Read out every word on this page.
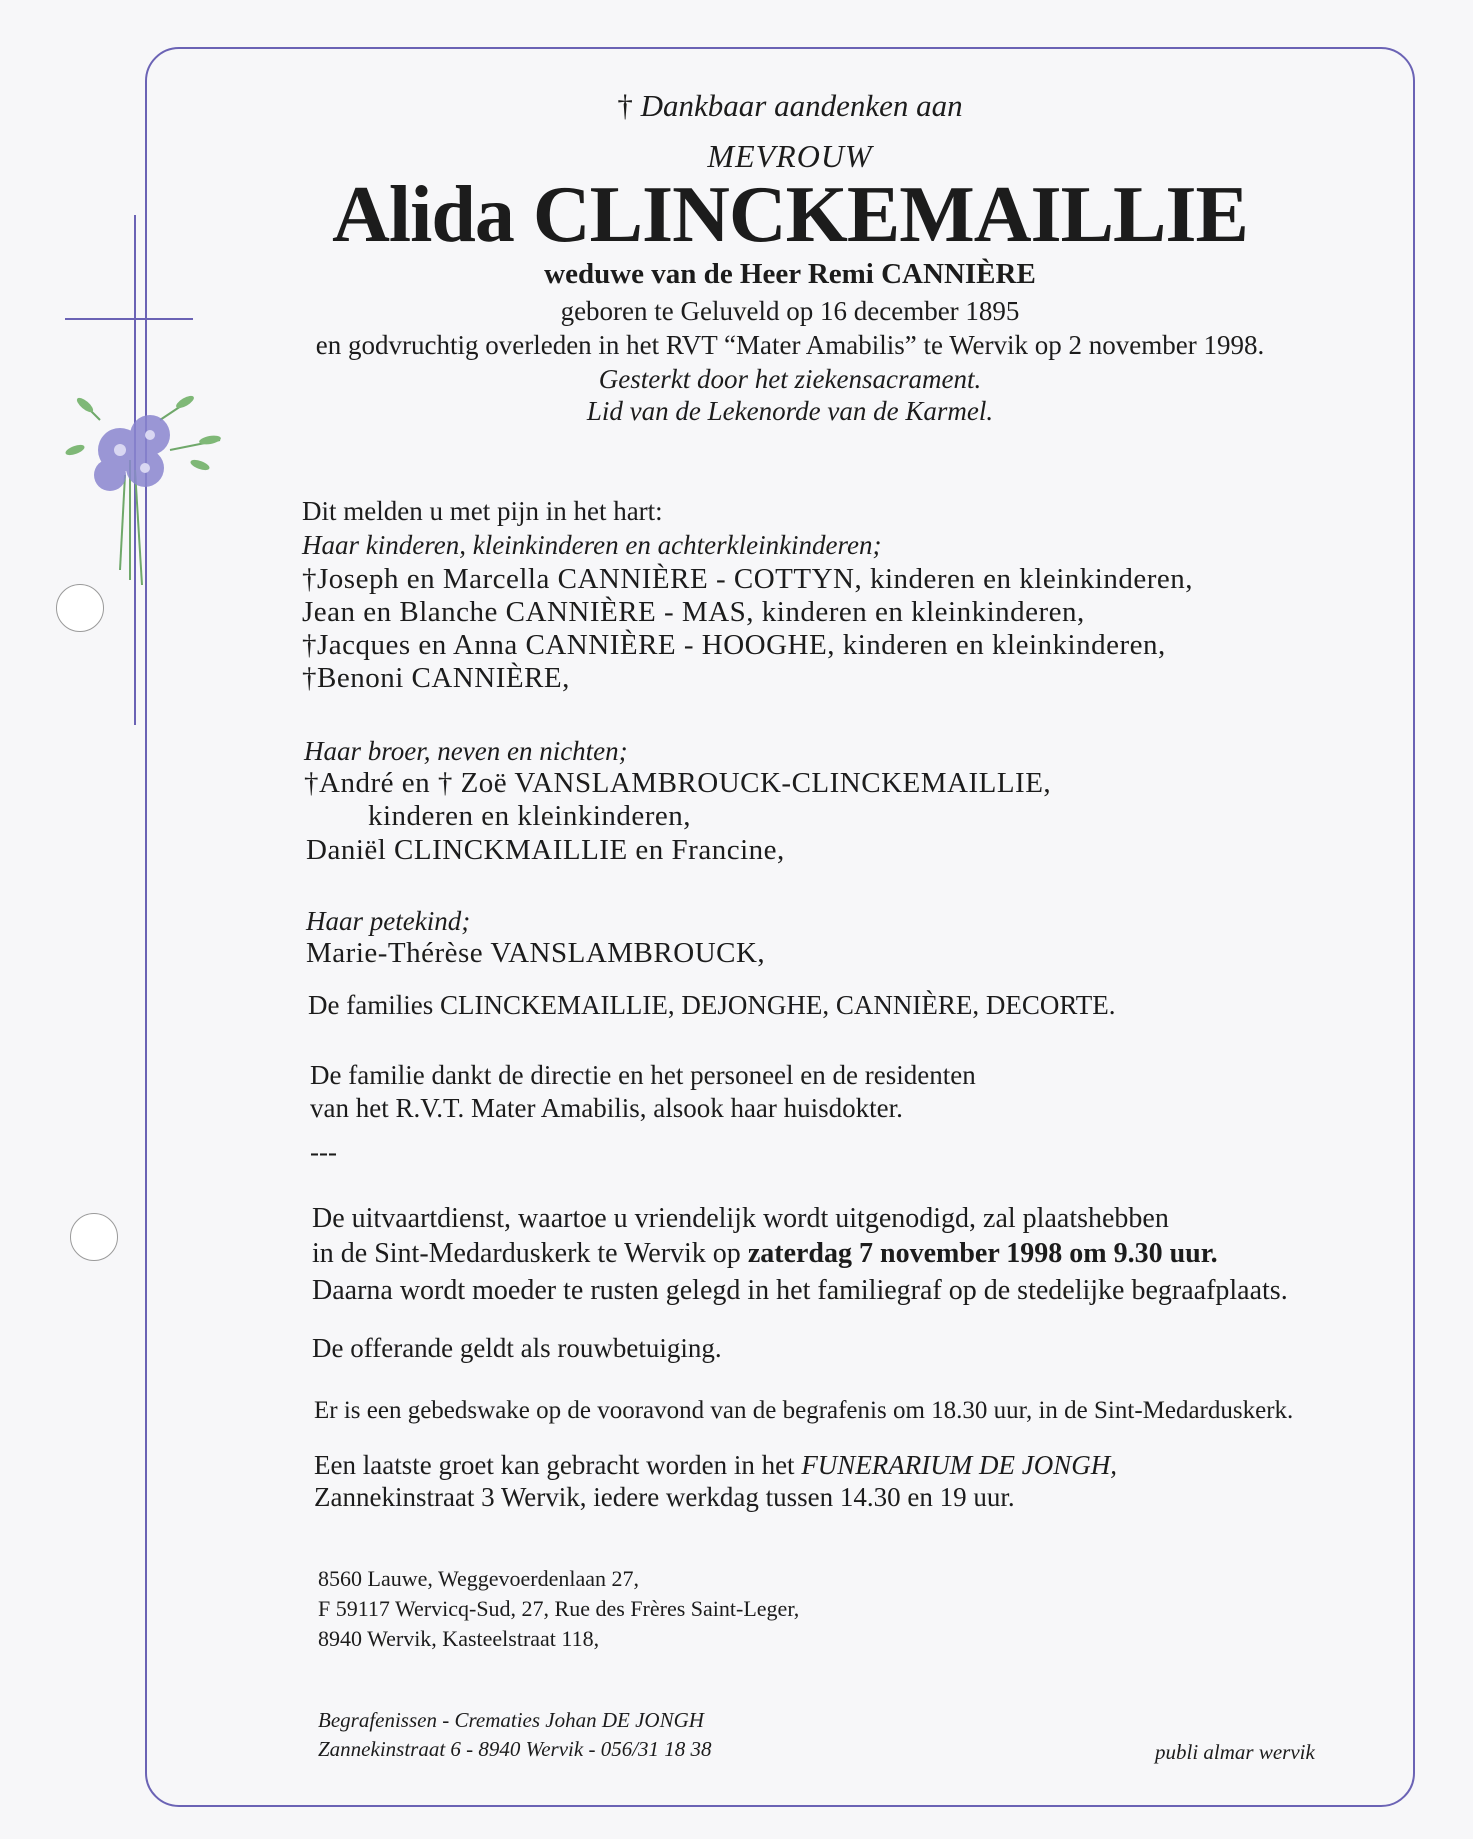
† Dankbaar aandenken aan
MEVROUW
Alida CLINCKEMAILLIE
weduwe van de Heer Remi CANNIÈRE
geboren te Geluveld op 16 december 1895
en godvruchtig overleden in het RVT “Mater Amabilis” te Wervik op 2 november 1998.
Gesterkt door het ziekensacrament.
Lid van de Lekenorde van de Karmel.
Dit melden u met pijn in het hart:
Haar kinderen, kleinkinderen en achterkleinkinderen;
†Joseph en Marcella CANNIÈRE - COTTYN, kinderen en kleinkinderen,
Jean en Blanche CANNIÈRE - MAS, kinderen en kleinkinderen,
†Jacques en Anna CANNIÈRE - HOOGHE, kinderen en kleinkinderen,
†Benoni CANNIÈRE,
Haar broer, neven en nichten;
†André en † Zoë VANSLAMBROUCK-CLINCKEMAILLIE,
kinderen en kleinkinderen,
Daniël CLINCKMAILLIE en Francine,
Haar petekind;
Marie-Thérèse VANSLAMBROUCK,
De families CLINCKEMAILLIE, DEJONGHE, CANNIÈRE, DECORTE.
De familie dankt de directie en het personeel en de residenten
van het R.V.T. Mater Amabilis, alsook haar huisdokter.
---
De uitvaartdienst, waartoe u vriendelijk wordt uitgenodigd, zal plaatshebben
in de Sint-Medarduskerk te Wervik op zaterdag 7 november 1998 om 9.30 uur.
Daarna wordt moeder te rusten gelegd in het familiegraf op de stedelijke begraafplaats.
De offerande geldt als rouwbetuiging.
Er is een gebedswake op de vooravond van de begrafenis om 18.30 uur, in de Sint-Medarduskerk.
Een laatste groet kan gebracht worden in het FUNERARIUM DE JONGH,
Zannekinstraat 3 Wervik, iedere werkdag tussen 14.30 en 19 uur.
8560 Lauwe, Weggevoerdenlaan 27,
F 59117 Wervicq-Sud, 27, Rue des Frères Saint-Leger,
8940 Wervik, Kasteelstraat 118,
Begrafenissen - Crematies Johan DE JONGH
Zannekinstraat 6 - 8940 Wervik - 056/31 18 38	publi almar wervik
